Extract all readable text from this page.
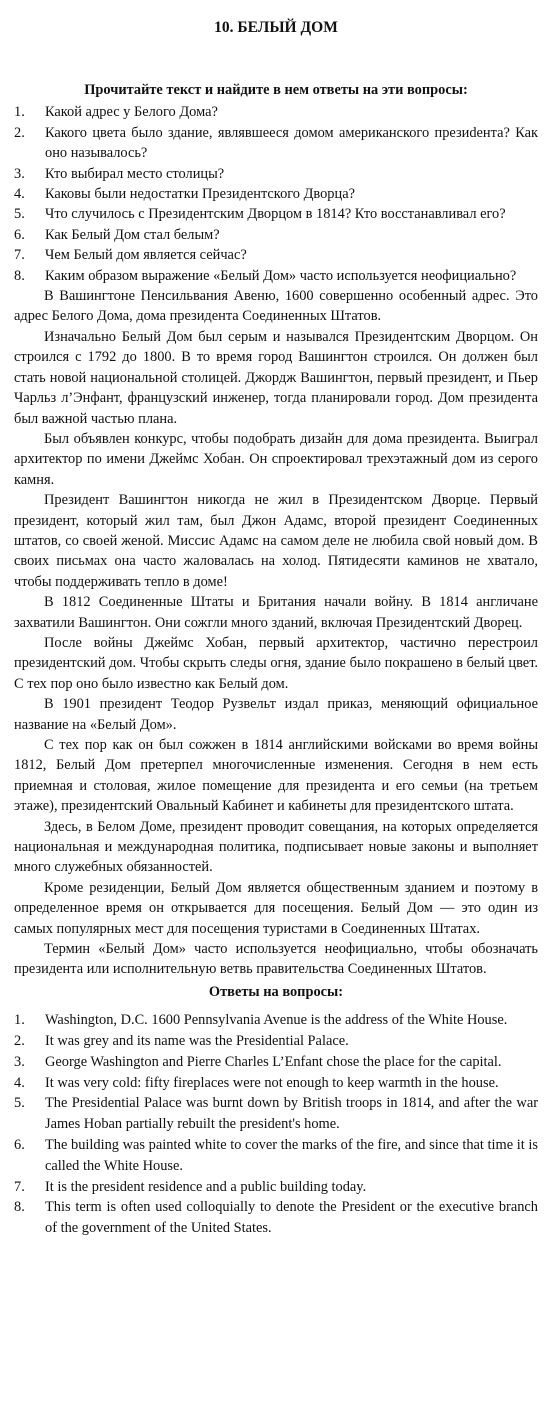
10. БЕЛЫЙ ДОМ
Прочитайте текст и найдите в нем ответы на эти вопросы:
1. Какой адрес у Белого Дома?
2. Какого цвета было здание, являвшееся домом американского презиdента? Как оно называлось?
3. Кто выбирал место столицы?
4. Каковы были недостатки Президентского Дворца?
5. Что случилось с Президентским Дворцом в 1814? Кто восстанавливал его?
6. Как Белый Дом стал белым?
7. Чем Белый дом является сейчас?
8. Каким образом выражение «Белый Дом» часто используется неофициально?

В Вашингтоне Пенсильвания Авеню, 1600 совершенно особенный адрес. Это адрес Белого Дома, дома президента Соединенных Штатов.

Изначально Белый Дом был серым и назывался Президентским Дворцом. Он строился с 1792 до 1800. В то время город Вашингтон строился. Он должен был стать новой национальной столицей. Джордж Вашингтон, первый президент, и Пьер Чарльз л’Энфант, французский инженер, тогда планировали город. Дом президента был важной частью плана.

Был объявлен конкурс, чтобы подобрать дизайн для дома президента. Выиграл архитектор по имени Джеймс Хобан. Он спроектировал трехэтажный дом из серого камня.

Президент Вашингтон никогда не жил в Президентском Дворце. Первый президент, который жил там, был Джон Адамс, второй президент Соединенных штатов, со своей женой. Миссис Адамс на самом деле не любила свой новый дом. В своих письмах она часто жаловалась на холод. Пятидесяти каминов не хватало, чтобы поддерживать тепло в доме!

В 1812 Соединенные Штаты и Британия начали войну. В 1814 англичане захватили Вашингтон. Они сожгли много зданий, включая Президентский Дворец.

После войны Джеймс Хобан, первый архитектор, частично перестроил президентский дом. Чтобы скрыть следы огня, здание было покрашено в белый цвет. С тех пор оно было известно как Белый дом.

В 1901 президент Теодор Рузвельт издал приказ, меняющий официальное название на «Белый Дом».

С тех пор как он был сожжен в 1814 английскими войсками во время войны 1812, Белый Дом претерпел многочисленные изменения. Сегодня в нем есть приемная и столовая, жилое помещение для президента и его семьи (на третьем этаже), президентский Овальный Кабинет и кабинеты для президентского штата.

Здесь, в Белом Доме, президент проводит совещания, на которых определяется национальная и международная политика, подписывает новые законы и выполняет много служебных обязанностей.

Кроме резиденции, Белый Дом является общественным зданием и поэтому в определенное время он открывается для посещения. Белый Дом — это один из самых популярных мест для посещения туристами в Соединенных Штатах.

Термин «Белый Дом» часто используется неофициально, чтобы обозначать президента или исполнительную ветвь правительства Соединенных Штатов.

Ответы на вопросы:
1. Washington, D.C. 1600 Pennsylvania Avenue is the address of the White House.
2. It was grey and its name was the Presidential Palace.
3. George Washington and Pierre Charles L’Enfant chose the place for the capital.
4. It was very cold: fifty fireplaces were not enough to keep warmth in the house.
5. The Presidential Palace was burnt down by British troops in 1814, and after the war James Hoban partially rebuilt the president's home.
6. The building was painted white to cover the marks of the fire, and since that time it is called the White House.
7. It is the president residence and a public building today.
8. This term is often used colloquially to denote the President or the executive branch of the government of the United States.
